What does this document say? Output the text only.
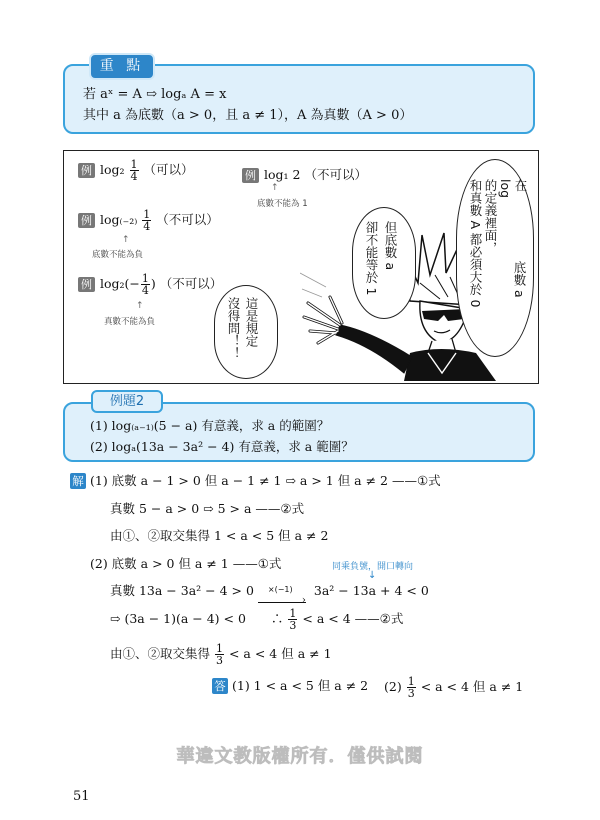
重 點
若 aˣ = A ⇨ logₐ A = x
其中 a 為底數（a > 0，且 a ≠ 1），A 為真數（A > 0）
例 $\log_2 \frac{1}{4}$ （可以）	例 log₁ 2 （不可以）
↑
底數不能為 1
例 $\log_{(-2)} \frac{1}{4}$ （不可以）
↑
底數不能為負
例 $\log_2(- \frac{1}{4}$ ) （不可以）
↑
真數不能為負
在
log
的定義裡面，
和真數 A 都必須大於 0
底數 a
但底數 a
卻不能等於 1
這是規定
沒得問！！
例題2
(1) log₍ₐ₋₁₎(5 − a) 有意義，求 a 的範圍？
(2) logₐ(13a − 3a² − 4) 有意義，求 a 範圍？
解 (1) 底數 a − 1 > 0 但 a − 1 ≠ 1 ⇨ a > 1 但 a ≠ 2 ——①式
真數 5 − a > 0 ⇨ 5 > a ——②式
由①、②取交集得 1 < a < 5 但 a ≠ 2
(2) 底數 a > 0 但 a ≠ 1 ——①式	同乘負號，開口轉向
↓
真數 13a − 3a² − 4 > 0 ×(−1)
›
3a² − 13a + 4 < 0
⇨ (3a − 1)(a − 4) < 0　　∴ $\frac{1}{3} < a < 4$ ——②式
由①、②取交集得 $\frac{1}{3} < a < 4$ 但 a ≠ 1
答 (1) 1 < a < 5 但 a ≠ 2 $(2) \frac{1}{3} < a < 4$ 但 a ≠ 1
華違文教版權所有．僅供試閱
51
